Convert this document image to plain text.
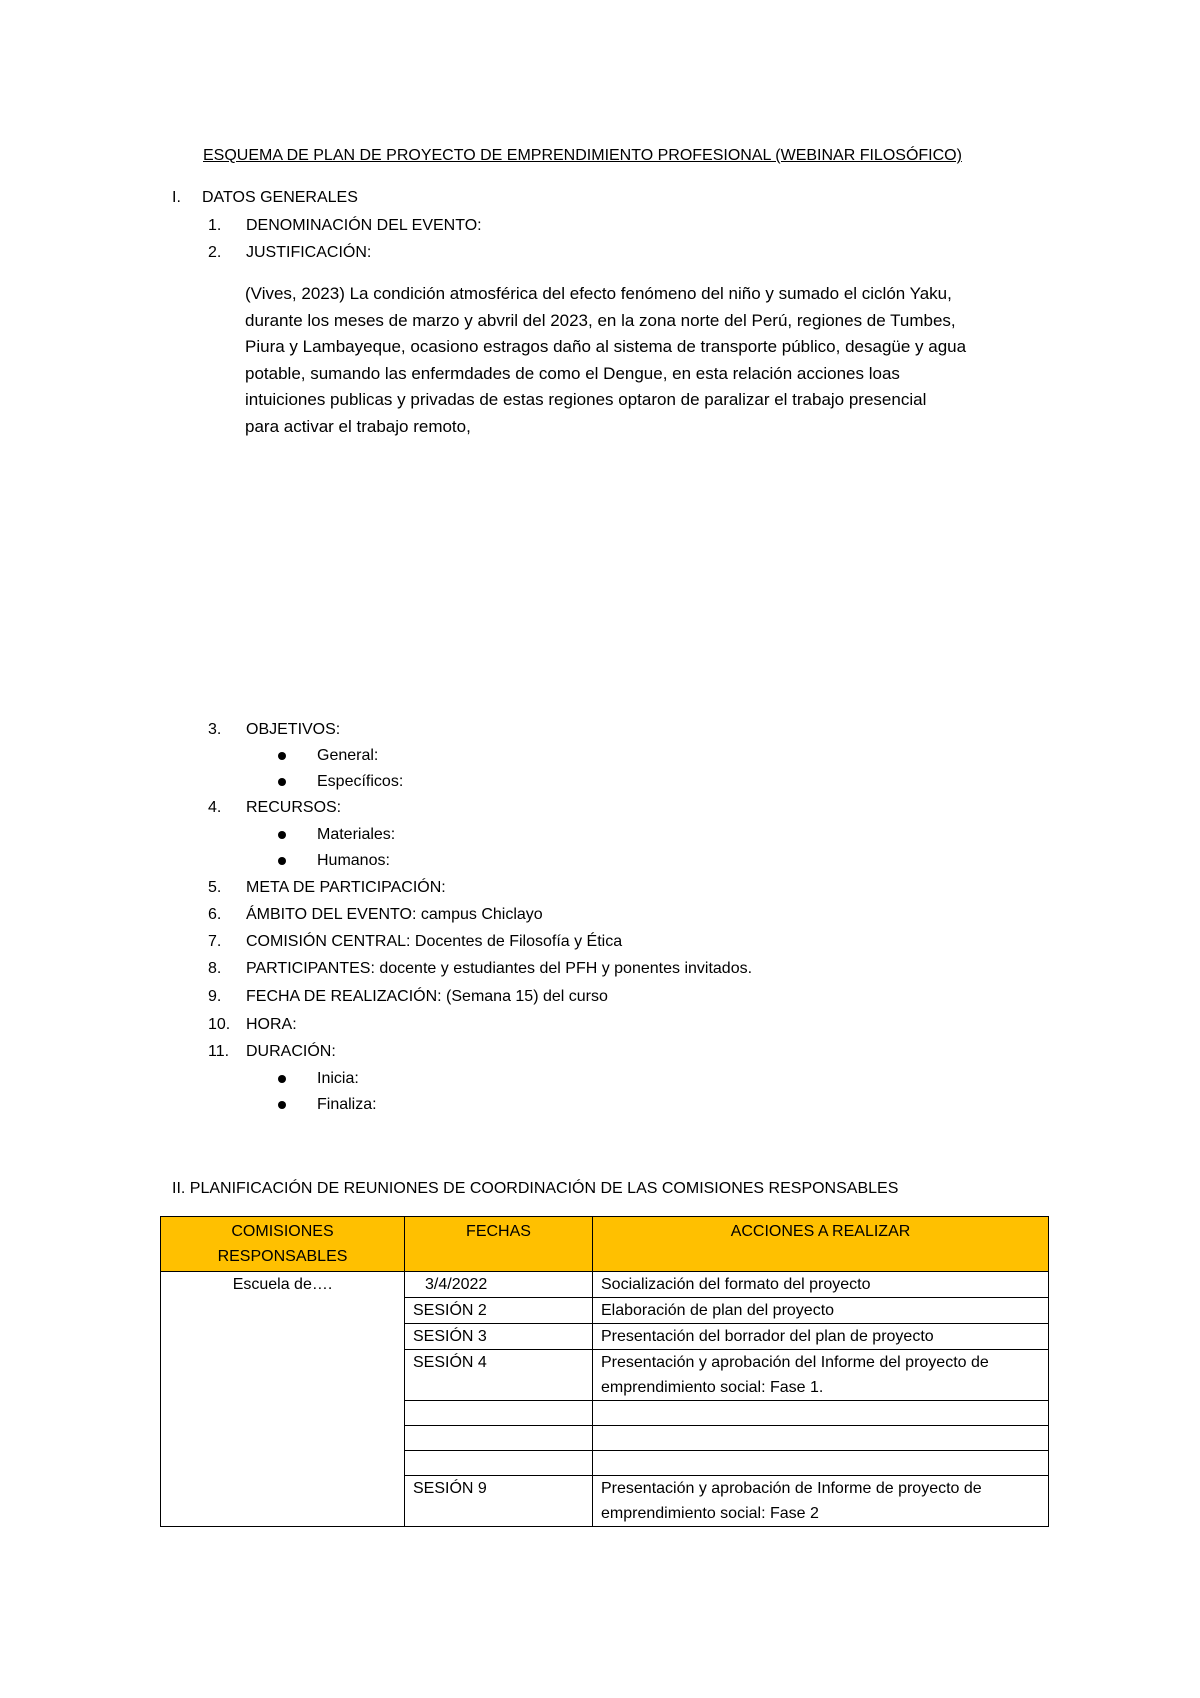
ESQUEMA DE PLAN DE PROYECTO DE EMPRENDIMIENTO PROFESIONAL (WEBINAR FILOSÓFICO)
I. DATOS GENERALES
1. DENOMINACIÓN DEL EVENTO:
2. JUSTIFICACIÓN:

(Vives, 2023) La condición atmosférica del efecto fenómeno del niño y sumado el ciclón Yaku,

durante los meses de marzo y abvril del 2023, en la zona norte del Perú, regiones de Tumbes,

Piura y Lambayeque, ocasiono estragos daño al sistema de transporte público, desagüe y agua

potable, sumando las enfermdades de como el Dengue, en esta relación acciones loas

intuiciones publicas y privadas de estas regiones optaron de paralizar el trabajo presencial

para activar el trabajo remoto,

3. OBJETIVOS:
General:
Específicos:
4. RECURSOS:
Materiales:
Humanos:
5. META DE PARTICIPACIÓN:
6. ÁMBITO DEL EVENTO: campus Chiclayo
7. COMISIÓN CENTRAL: Docentes de Filosofía y Ética
8. PARTICIPANTES: docente y estudiantes del PFH y ponentes invitados.
9. FECHA DE REALIZACIÓN: (Semana 15) del curso
10. HORA:
11. DURACIÓN:
Inicia:
Finaliza:
II. PLANIFICACIÓN DE REUNIONES DE COORDINACIÓN DE LAS COMISIONES RESPONSABLES
COMISIONES RESPONSABLES	FECHAS	ACCIONES A REALIZAR
Escuela de….	3/4/2022	Socialización del formato del proyecto
	SESIÓN 2	Elaboración de plan del proyecto
	SESIÓN 3	Presentación del borrador del plan de proyecto
	SESIÓN 4	Presentación y aprobación del Informe del proyecto de emprendimiento social: Fase 1.

	SESIÓN 9	Presentación y aprobación de Informe de proyecto de emprendimiento social: Fase 2
